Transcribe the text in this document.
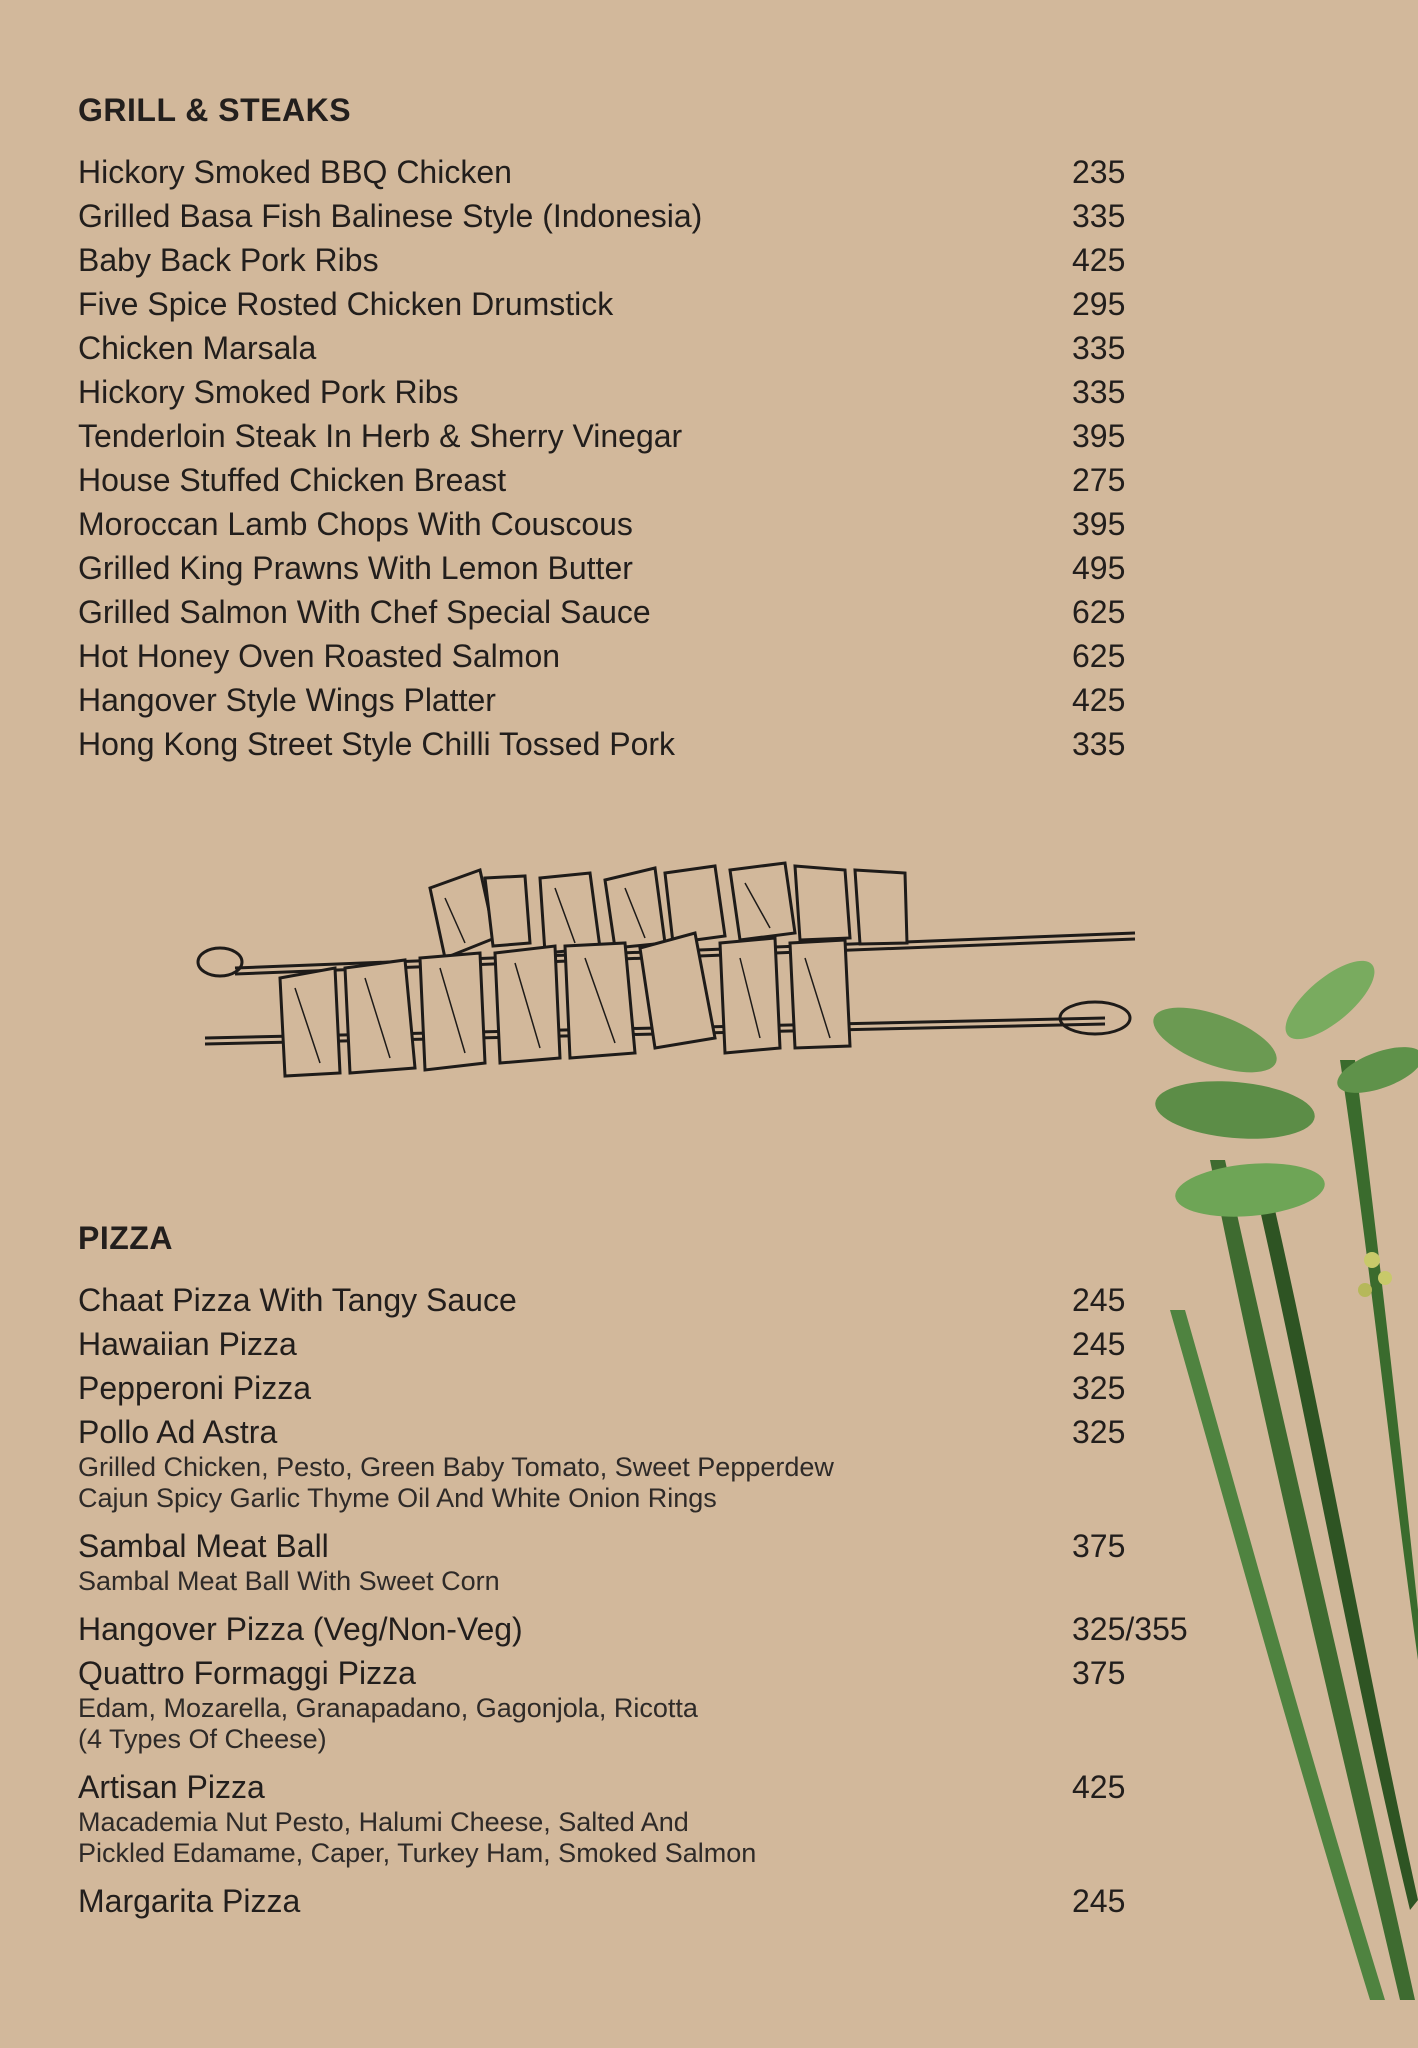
GRILL & STEAKS
Hickory Smoked BBQ Chicken	235
Grilled Basa Fish Balinese Style (Indonesia)	335
Baby Back Pork Ribs	425
Five Spice Rosted Chicken Drumstick	295
Chicken Marsala	335
Hickory Smoked Pork Ribs	335
Tenderloin Steak In Herb & Sherry Vinegar	395
House Stuffed Chicken Breast	275
Moroccan Lamb Chops With Couscous	395
Grilled King Prawns With Lemon Butter	495
Grilled Salmon With Chef Special Sauce	625
Hot Honey Oven Roasted Salmon	625
Hangover Style Wings Platter	425
Hong Kong Street Style Chilli Tossed Pork	335
PIZZA
Chaat Pizza With Tangy Sauce	245
Hawaiian Pizza	245
Pepperoni Pizza	325
Pollo Ad Astra	325
Grilled Chicken, Pesto, Green Baby Tomato, Sweet Pepperdew
Cajun Spicy Garlic Thyme Oil And White Onion Rings
Sambal Meat Ball	375
Sambal Meat Ball With Sweet Corn
Hangover Pizza (Veg/Non-Veg)	325/355
Quattro Formaggi Pizza	375
Edam, Mozarella, Granapadano, Gagonjola, Ricotta
(4 Types Of Cheese)
Artisan Pizza	425
Macademia Nut Pesto, Halumi Cheese, Salted And
Pickled Edamame, Caper, Turkey Ham, Smoked Salmon
Margarita Pizza	245
